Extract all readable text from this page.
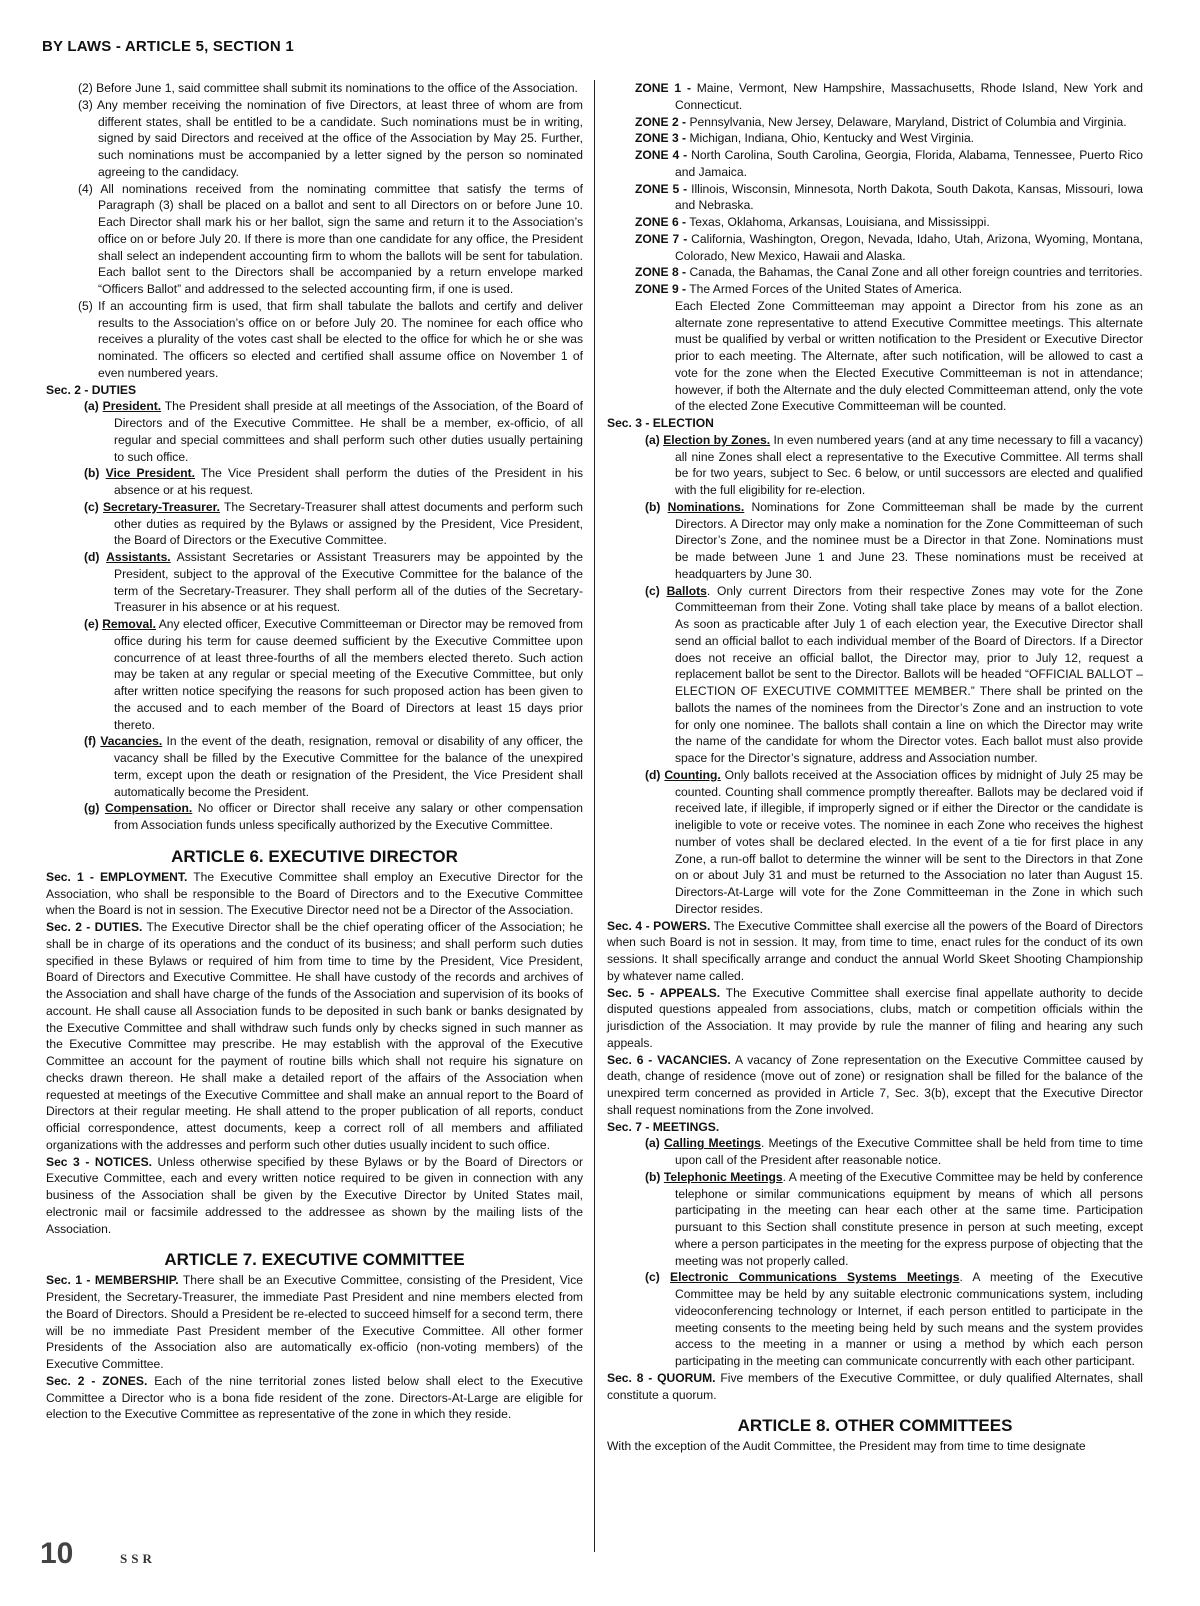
BY LAWS - ARTICLE 5, SECTION 1

(2) Before June 1, said committee shall submit its nominations to the office of the Association.

(3) Any member receiving the nomination of five Directors, at least three of whom are from different states, shall be entitled to be a candidate. Such nominations must be in writing, signed by said Directors and received at the office of the Association by May 25. Further, such nominations must be accompanied by a letter signed by the person so nominated agreeing to the candidacy.

(4) All nominations received from the nominating committee that satisfy the terms of Paragraph (3) shall be placed on a ballot and sent to all Directors on or before June 10. Each Director shall mark his or her ballot, sign the same and return it to the Association’s office on or before July 20. If there is more than one candidate for any office, the President shall select an independent accounting firm to whom the ballots will be sent for tabulation. Each ballot sent to the Directors shall be accompanied by a return envelope marked “Officers Ballot” and addressed to the selected accounting firm, if one is used.

(5) If an accounting firm is used, that firm shall tabulate the ballots and certify and deliver results to the Association’s office on or before July 20. The nominee for each office who receives a plurality of the votes cast shall be elected to the office for which he or she was nominated. The officers so elected and certified shall assume office on November 1 of even numbered years.

Sec. 2 - DUTIES

(a) President. The President shall preside at all meetings of the Association, of the Board of Directors and of the Executive Committee. He shall be a member, ex-officio, of all regular and special committees and shall perform such other duties usually pertaining to such office.

(b) Vice President. The Vice President shall perform the duties of the President in his absence or at his request.

(c) Secretary-Treasurer. The Secretary-Treasurer shall attest documents and perform such other duties as required by the Bylaws or assigned by the President, Vice President, the Board of Directors or the Executive Committee.

(d) Assistants. Assistant Secretaries or Assistant Treasurers may be appointed by the President, subject to the approval of the Executive Committee for the balance of the term of the Secretary-Treasurer. They shall perform all of the duties of the Secretary-Treasurer in his absence or at his request.

(e) Removal. Any elected officer, Executive Committeeman or Director may be removed from office during his term for cause deemed sufficient by the Executive Committee upon concurrence of at least three-fourths of all the members elected thereto. Such action may be taken at any regular or special meeting of the Executive Committee, but only after written notice specifying the reasons for such proposed action has been given to the accused and to each member of the Board of Directors at least 15 days prior thereto.

(f) Vacancies. In the event of the death, resignation, removal or disability of any officer, the vacancy shall be filled by the Executive Committee for the balance of the unexpired term, except upon the death or resignation of the President, the Vice President shall automatically become the President.

(g) Compensation. No officer or Director shall receive any salary or other compensation from Association funds unless specifically authorized by the Executive Committee.

ARTICLE 6. EXECUTIVE DIRECTOR

Sec. 1 - EMPLOYMENT. The Executive Committee shall employ an Executive Director for the Association, who shall be responsible to the Board of Directors and to the Executive Committee when the Board is not in session. The Executive Director need not be a Director of the Association.

Sec. 2 - DUTIES. The Executive Director shall be the chief operating officer of the Association; he shall be in charge of its operations and the conduct of its business; and shall perform such duties specified in these Bylaws or required of him from time to time by the President, Vice President, Board of Directors and Executive Committee. He shall have custody of the records and archives of the Association and shall have charge of the funds of the Association and supervision of its books of account. He shall cause all Association funds to be deposited in such bank or banks designated by the Executive Committee and shall withdraw such funds only by checks signed in such manner as the Executive Committee may prescribe. He may establish with the approval of the Executive Committee an account for the payment of routine bills which shall not require his signature on checks drawn thereon. He shall make a detailed report of the affairs of the Association when requested at meetings of the Executive Committee and shall make an annual report to the Board of Directors at their regular meeting. He shall attend to the proper publication of all reports, conduct official correspondence, attest documents, keep a correct roll of all members and affiliated organizations with the addresses and perform such other duties usually incident to such office.

Sec 3 - NOTICES. Unless otherwise specified by these Bylaws or by the Board of Directors or Executive Committee, each and every written notice required to be given in connection with any business of the Association shall be given by the Executive Director by United States mail, electronic mail or facsimile addressed to the addressee as shown by the mailing lists of the Association.

ARTICLE 7. EXECUTIVE COMMITTEE

Sec. 1 - MEMBERSHIP. There shall be an Executive Committee, consisting of the President, Vice President, the Secretary-Treasurer, the immediate Past President and nine members elected from the Board of Directors. Should a President be re-elected to succeed himself for a second term, there will be no immediate Past President member of the Executive Committee. All other former Presidents of the Association also are automatically ex-officio (non-voting members) of the Executive Committee.

Sec. 2 - ZONES. Each of the nine territorial zones listed below shall elect to the Executive Committee a Director who is a bona fide resident of the zone. Directors-At-Large are eligible for election to the Executive Committee as representative of the zone in which they reside.

ZONE 1 - Maine, Vermont, New Hampshire, Massachusetts, Rhode Island, New York and Connecticut.

ZONE 2 - Pennsylvania, New Jersey, Delaware, Maryland, District of Columbia and Virginia.

ZONE 3 - Michigan, Indiana, Ohio, Kentucky and West Virginia.

ZONE 4 - North Carolina, South Carolina, Georgia, Florida, Alabama, Tennessee, Puerto Rico and Jamaica.

ZONE 5 - Illinois, Wisconsin, Minnesota, North Dakota, South Dakota, Kansas, Missouri, Iowa and Nebraska.

ZONE 6 - Texas, Oklahoma, Arkansas, Louisiana, and Mississippi.

ZONE 7 - California, Washington, Oregon, Nevada, Idaho, Utah, Arizona, Wyoming, Montana, Colorado, New Mexico, Hawaii and Alaska.

ZONE 8 - Canada, the Bahamas, the Canal Zone and all other foreign countries and territories.

ZONE 9 - The Armed Forces of the United States of America.

Each Elected Zone Committeeman may appoint a Director from his zone as an alternate zone representative to attend Executive Committee meetings. This alternate must be qualified by verbal or written notification to the President or Executive Director prior to each meeting. The Alternate, after such notification, will be allowed to cast a vote for the zone when the Elected Executive Committeeman is not in attendance; however, if both the Alternate and the duly elected Committeeman attend, only the vote of the elected Zone Executive Committeeman will be counted.

Sec. 3 - ELECTION

(a) Election by Zones. In even numbered years (and at any time necessary to fill a vacancy) all nine Zones shall elect a representative to the Executive Committee. All terms shall be for two years, subject to Sec. 6 below, or until successors are elected and qualified with the full eligibility for re-election.

(b) Nominations. Nominations for Zone Committeeman shall be made by the current Directors. A Director may only make a nomination for the Zone Committeeman of such Director’s Zone, and the nominee must be a Director in that Zone. Nominations must be made between June 1 and June 23. These nominations must be received at headquarters by June 30.

(c) Ballots. Only current Directors from their respective Zones may vote for the Zone Committeeman from their Zone. Voting shall take place by means of a ballot election. As soon as practicable after July 1 of each election year, the Executive Director shall send an official ballot to each individual member of the Board of Directors. If a Director does not receive an official ballot, the Director may, prior to July 12, request a replacement ballot be sent to the Director. Ballots will be headed “OFFICIAL BALLOT – ELECTION OF EXECUTIVE COMMITTEE MEMBER.” There shall be printed on the ballots the names of the nominees from the Director’s Zone and an instruction to vote for only one nominee. The ballots shall contain a line on which the Director may write the name of the candidate for whom the Director votes. Each ballot must also provide space for the Director’s signature, address and Association number.

(d) Counting. Only ballots received at the Association offices by midnight of July 25 may be counted. Counting shall commence promptly thereafter. Ballots may be declared void if received late, if illegible, if improperly signed or if either the Director or the candidate is ineligible to vote or receive votes. The nominee in each Zone who receives the highest number of votes shall be declared elected. In the event of a tie for first place in any Zone, a run-off ballot to determine the winner will be sent to the Directors in that Zone on or about July 31 and must be returned to the Association no later than August 15. Directors-At-Large will vote for the Zone Committeeman in the Zone in which such Director resides.

Sec. 4 - POWERS. The Executive Committee shall exercise all the powers of the Board of Directors when such Board is not in session. It may, from time to time, enact rules for the conduct of its own sessions. It shall specifically arrange and conduct the annual World Skeet Shooting Championship by whatever name called.

Sec. 5 - APPEALS. The Executive Committee shall exercise final appellate authority to decide disputed questions appealed from associations, clubs, match or competition officials within the jurisdiction of the Association. It may provide by rule the manner of filing and hearing any such appeals.

Sec. 6 - VACANCIES. A vacancy of Zone representation on the Executive Committee caused by death, change of residence (move out of zone) or resignation shall be filled for the balance of the unexpired term concerned as provided in Article 7, Sec. 3(b), except that the Executive Director shall request nominations from the Zone involved.

Sec. 7 - MEETINGS.

(a) Calling Meetings. Meetings of the Executive Committee shall be held from time to time upon call of the President after reasonable notice.

(b) Telephonic Meetings. A meeting of the Executive Committee may be held by conference telephone or similar communications equipment by means of which all persons participating in the meeting can hear each other at the same time. Participation pursuant to this Section shall constitute presence in person at such meeting, except where a person participates in the meeting for the express purpose of objecting that the meeting was not properly called.

(c) Electronic Communications Systems Meetings. A meeting of the Executive Committee may be held by any suitable electronic communications system, including videoconferencing technology or Internet, if each person entitled to participate in the meeting consents to the meeting being held by such means and the system provides access to the meeting in a manner or using a method by which each person participating in the meeting can communicate concurrently with each other participant.

Sec. 8 - QUORUM. Five members of the Executive Committee, or duly qualified Alternates, shall constitute a quorum.

ARTICLE 8. OTHER COMMITTEES

With the exception of the Audit Committee, the President may from time to time designate

10	SSR
